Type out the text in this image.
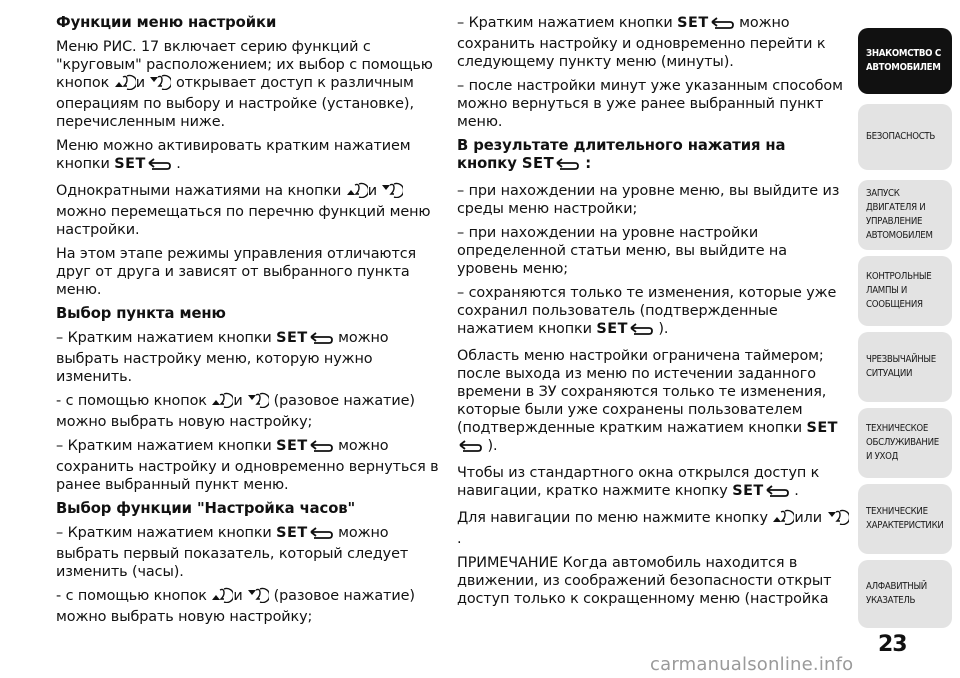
Функции меню настройки

Меню РИС. 17 включает серию функций с "круговым" расположением; их выбор с помощью кнопок и открывает доступ к различным операциям по выбору и настройке (установке), перечисленным ниже.

Меню можно активировать кратким нажатием кнопки SET .

Однократными нажатиями на кнопки и можно перемещаться по перечню функций меню настройки.

На этом этапе режимы управления отличаются друг от друга и зависят от выбранного пункта меню.

Выбор пункта меню

– Кратким нажатием кнопки SET можно выбрать настройку меню, которую нужно изменить.

- с помощью кнопок и (разовое нажатие) можно выбрать новую настройку;

– Кратким нажатием кнопки SET можно сохранить настройку и одновременно вернуться в ранее выбранный пункт меню.

Выбор функции "Настройка часов"

– Кратким нажатием кнопки SET можно выбрать первый показатель, который следует изменить (часы).

- с помощью кнопок и (разовое нажатие) можно выбрать новую настройку;

– Кратким нажатием кнопки SET можно сохранить настройку и одновременно перейти к следующему пункту меню (минуты).

– после настройки минут уже указанным способом можно вернуться в уже ранее выбранный пункт меню.

В результате длительного нажатия на кнопку SET :

– при нахождении на уровне меню, вы выйдите из среды меню настройки;

– при нахождении на уровне настройки определенной статьи меню, вы выйдите на уровень меню;

– сохраняются только те изменения, которые уже сохранил пользователь (подтвержденные нажатием кнопки SET ).

Область меню настройки ограничена таймером; после выхода из меню по истечении заданного времени в ЗУ сохраняются только те изменения, которые были уже сохранены пользователем (подтвержденные кратким нажатием кнопки SET ).

Чтобы из стандартного окна открылся доступ к навигации, кратко нажмите кнопку SET .

Для навигации по меню нажмите кнопку или  .

ПРИМЕЧАНИЕ Когда автомобиль находится в движении, из соображений безопасности открыт доступ только к сокращенному меню (настройка

ЗНАКОМСТВО С АВТОМОБИЛЕМ
БЕЗОПАСНОСТЬ
ЗАПУСК ДВИГАТЕЛЯ И УПРАВЛЕНИЕ АВТОМОБИЛЕМ
КОНТРОЛЬНЫЕ ЛАМПЫ И СООБЩЕНИЯ
ЧРЕЗВЫЧАЙНЫЕ СИТУАЦИИ
ТЕХНИЧЕСКОЕ ОБСЛУЖИВАНИЕ И УХОД
ТЕХНИЧЕСКИЕ ХАРАКТЕРИСТИКИ
АЛФАВИТНЫЙ УКАЗАТЕЛЬ
23
carmanualsonline.info
